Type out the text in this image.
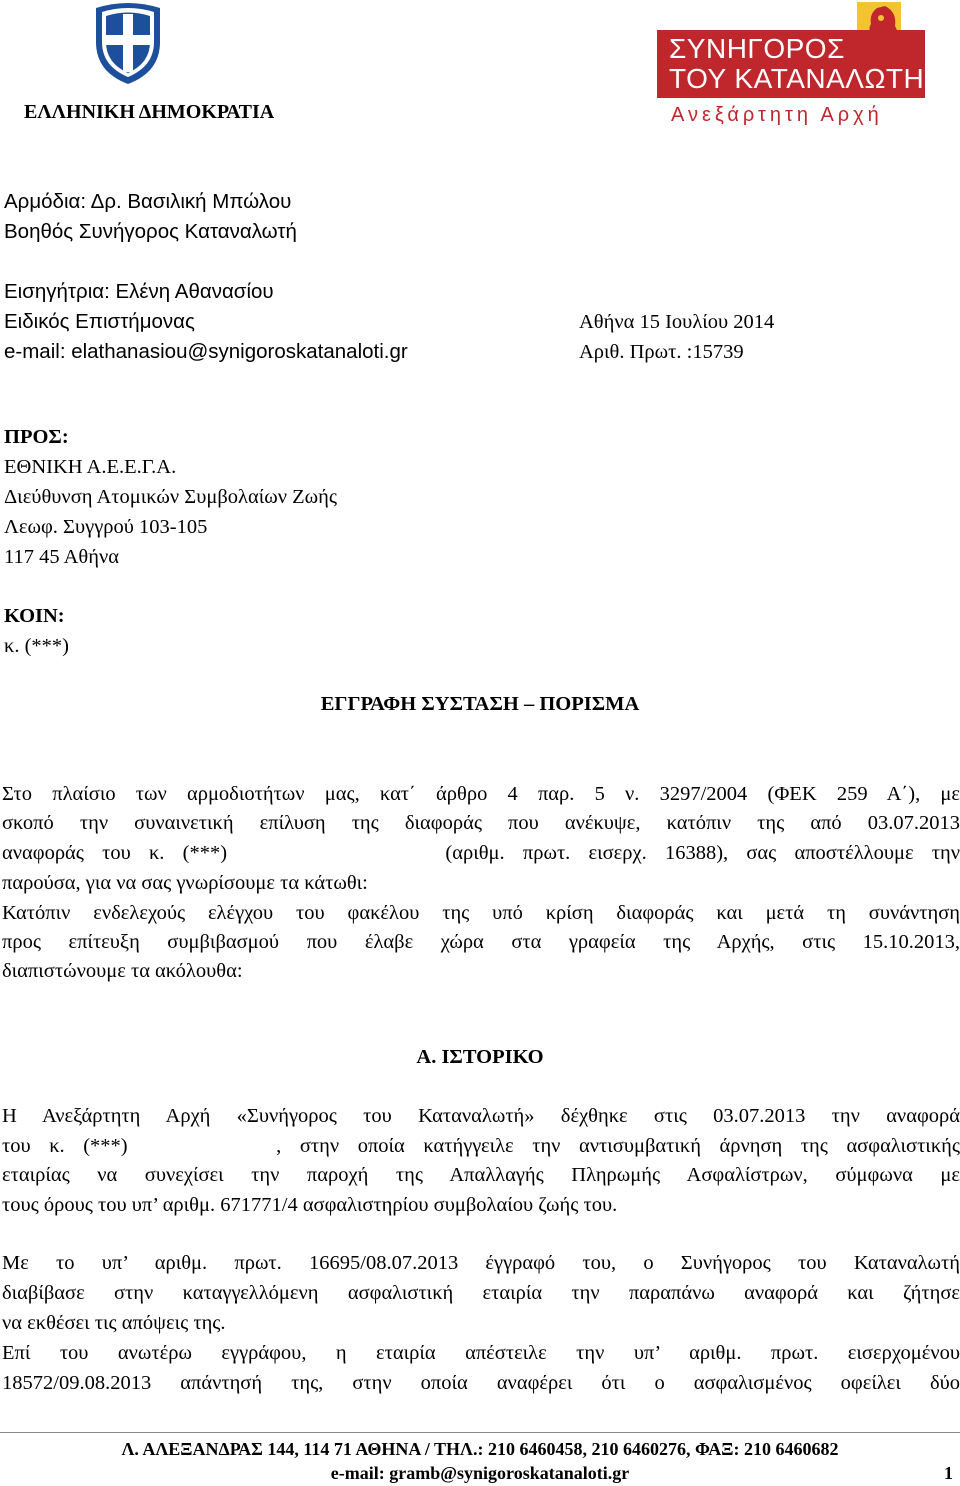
ΕΛΛΗΝΙΚΗ ΔΗΜΟΚΡΑΤΙΑ
ΣΥΝΗΓΟΡΟΣ
ΤΟΥ ΚΑΤΑΝΑΛΩΤΗ
Ανεξάρτητη Αρχή
Αρμόδια: Δρ. Βασιλική Μπώλου
Βοηθός Συνήγορος Καταναλωτή
Εισηγήτρια: Ελένη Αθανασίου
Ειδικός Επιστήμονας
e-mail: elathanasiou@synigoroskatanaloti.gr
Αθήνα 15 Ιουλίου 2014
Αριθ. Πρωτ. :15739
ΠΡΟΣ:
ΕΘΝΙΚΗ Α.Ε.Ε.Γ.Α.
Διεύθυνση Ατομικών Συμβολαίων Ζωής
Λεωφ. Συγγρού 103-105
117 45 Αθήνα
ΚΟΙΝ:
κ. (***)
ΕΓΓΡΑΦΗ ΣΥΣΤΑΣΗ – ΠΟΡΙΣΜΑ
Στο πλαίσιο των αρμοδιοτήτων μας, κατ΄ άρθρο 4 παρ. 5 ν. 3297/2004 (ΦΕΚ 259 Α΄), με
σκοπό την συναινετική επίλυση της διαφοράς που ανέκυψε, κατόπιν της από 03.07.2013
αναφοράς του κ. (***)            (αριθμ. πρωτ. εισερχ. 16388), σας αποστέλλουμε την
παρούσα, για να σας γνωρίσουμε τα κάτωθι:
Κατόπιν ενδελεχούς ελέγχου του φακέλου της υπό κρίση διαφοράς και μετά τη συνάντηση
προς επίτευξη συμβιβασμού που έλαβε χώρα στα γραφεία της Αρχής, στις 15.10.2013,
διαπιστώνουμε τα ακόλουθα:
Α. ΙΣΤΟΡΙΚΟ
Η Ανεξάρτητη Αρχή «Συνήγορος του Καταναλωτή» δέχθηκε στις 03.07.2013 την αναφορά
του κ. (***)        , στην οποία κατήγγειλε την αντισυμβατική άρνηση της ασφαλιστικής
εταιρίας να συνεχίσει την παροχή της Απαλλαγής Πληρωμής Ασφαλίστρων, σύμφωνα με
τους όρους του υπ’ αριθμ. 671771/4 ασφαλιστηρίου συμβολαίου ζωής του.
Με το υπ’ αριθμ. πρωτ. 16695/08.07.2013 έγγραφό του, ο Συνήγορος του Καταναλωτή
διαβίβασε στην καταγγελλόμενη ασφαλιστική εταιρία την παραπάνω αναφορά και ζήτησε
να εκθέσει τις απόψεις της.
Επί του ανωτέρω εγγράφου, η εταιρία απέστειλε την υπ’ αριθμ. πρωτ. εισερχομένου
18572/09.08.2013 απάντησή της, στην οποία αναφέρει ότι ο ασφαλισμένος οφείλει δύο
Λ. ΑΛΕΞΑΝΔΡΑΣ 144, 114 71 ΑΘΗΝΑ / ΤΗΛ.: 210 6460458, 210 6460276, ΦΑΞ: 210 6460682
e-mail: gramb@synigoroskatanaloti.gr	1
